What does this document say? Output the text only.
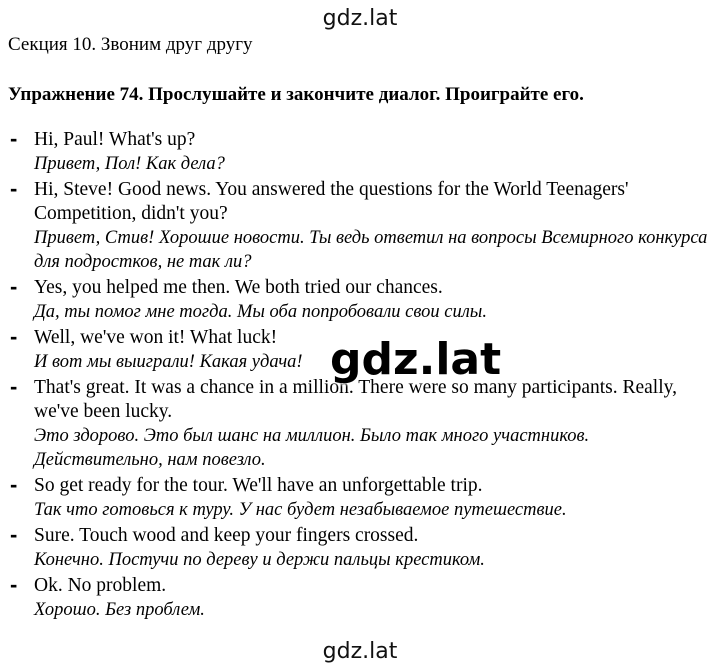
gdz.lat
Секция 10. Звоним друг другу
Упражнение 74. Прослушайте и закончите диалог. Проиграйте его.
- Hi, Paul! What's up?
Привет, Пол! Как дела?
- Hi, Steve! Good news. You answered the questions for the World Teenagers' Competition, didn't you?
Привет, Стив! Хорошие новости. Ты ведь ответил на вопросы Всемирного конкурса для подростков, не так ли?
- Yes, you helped me then. We both tried our chances.
Да, ты помог мне тогда. Мы оба попробовали свои силы.
- Well, we've won it! What luck!
И вот мы выиграли! Какая удача!
- That's great. It was a chance in a million. There were so many participants. Really, we've been lucky.
Это здорово. Это был шанс на миллион. Было так много участников. Действительно, нам повезло.
- So get ready for the tour. We'll have an unforgettable trip.
Так что готовься к туру. У нас будет незабываемое путешествие.
- Sure. Touch wood and keep your fingers crossed.
Конечно. Постучи по дереву и держи пальцы крестиком.
- Ok. No problem.
Хорошо. Без проблем.
gdz.lat
gdz.lat
